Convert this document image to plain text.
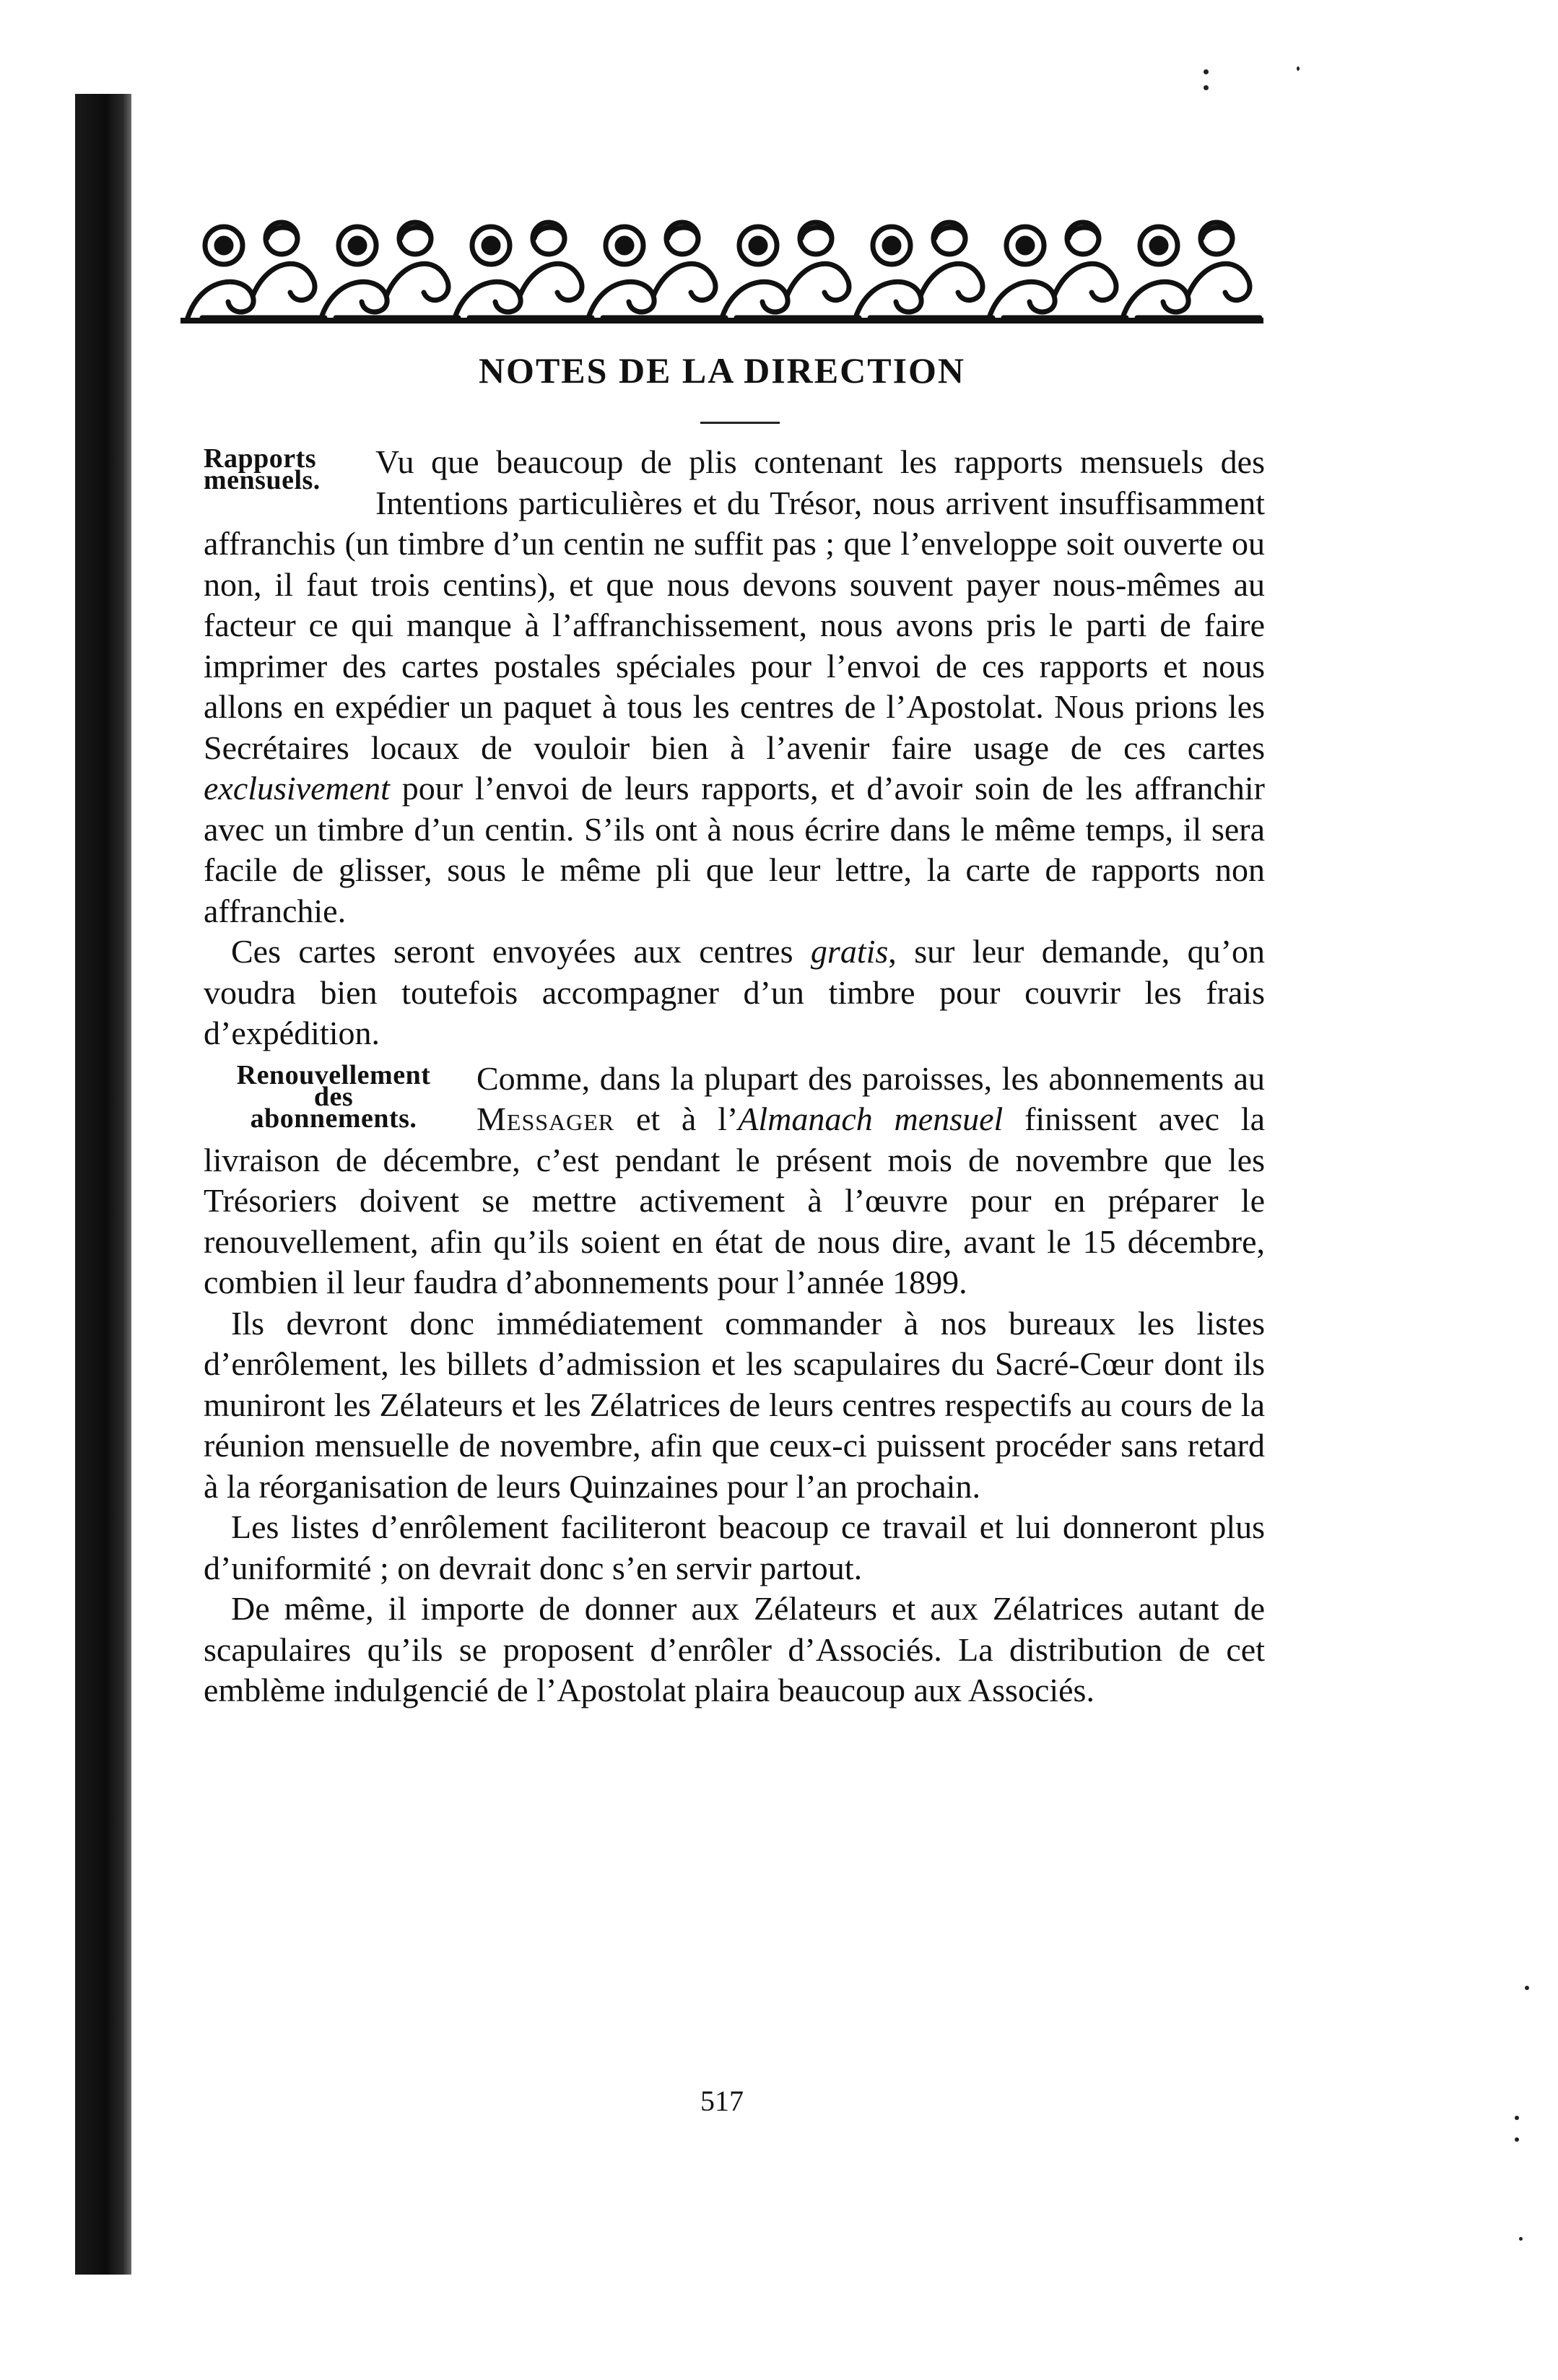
NOTES DE LA DIRECTION

Rapports
mensuels.	Vu que beaucoup de plis contenant les rapports mensuels des Intentions particulières et du Trésor, nous arrivent insuffisamment affranchis (un timbre d’un centin ne suffit pas ; que l’enveloppe soit ouverte ou non, il faut trois centins), et que nous devons souvent payer nous-mêmes au facteur ce qui manque à l’affranchissement, nous avons pris le parti de faire imprimer des cartes postales spéciales pour l’envoi de ces rapports et nous allons en expédier un paquet à tous les centres de l’Apostolat. Nous prions les Secrétaires locaux de vouloir bien à l’avenir faire usage de ces cartes exclusivement pour l’envoi de leurs rapports, et d’avoir soin de les affranchir avec un timbre d’un centin. S’ils ont à nous écrire dans le même temps, il sera facile de glisser, sous le même pli que leur lettre, la carte de rapports non affranchie.

Ces cartes seront envoyées aux centres gratis, sur leur demande, qu’on voudra bien toutefois accompagner d’un timbre pour couvrir les frais d’expédition.

Renouvellement
des
abonnements.
Comme, dans la plupart des paroisses, les abonnements au Messager et à l’Almanach mensuel finissent avec la livraison de décembre, c’est pendant le présent mois de novembre que les Trésoriers doivent se mettre activement à l’œuvre pour en préparer le renouvellement, afin qu’ils soient en état de nous dire, avant le 15 décembre, combien il leur faudra d’abonnements pour l’année 1899.

Ils devront donc immédiatement commander à nos bureaux les listes d’enrôlement, les billets d’admission et les scapulaires du Sacré-Cœur dont ils muniront les Zélateurs et les Zélatrices de leurs centres respectifs au cours de la réunion mensuelle de novembre, afin que ceux-ci puissent procéder sans retard à la réorganisation de leurs Quinzaines pour l’an prochain.

Les listes d’enrôlement faciliteront beacoup ce travail et lui donneront plus d’uniformité ; on devrait donc s’en servir partout.

De même, il importe de donner aux Zélateurs et aux Zélatrices autant de scapulaires qu’ils se proposent d’enrôler d’Associés. La distribution de cet emblème indulgencié de l’Apostolat plaira beaucoup aux Associés.

517
